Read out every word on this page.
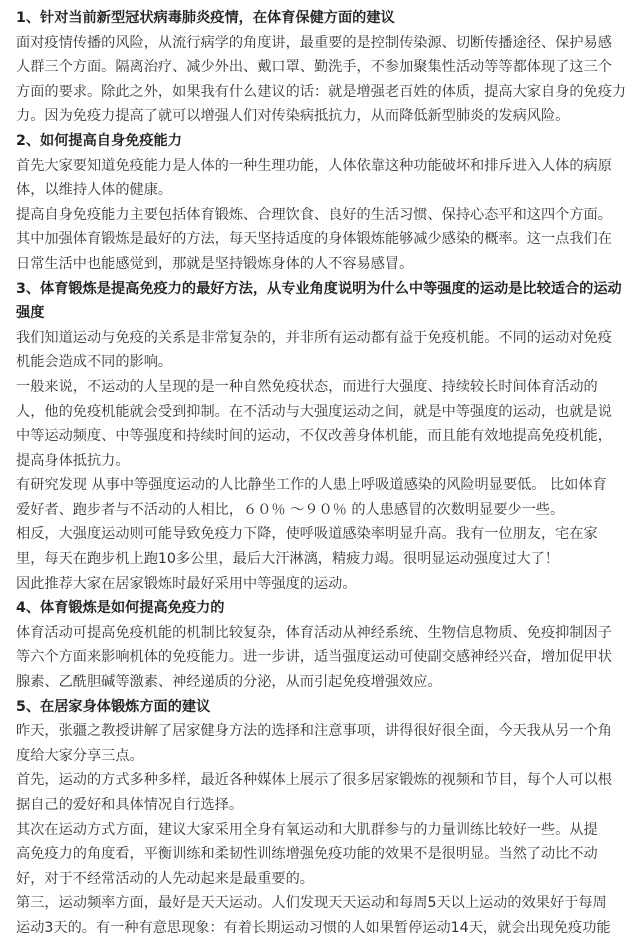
1、针对当前新型冠状病毒肺炎疫情，在体育保健方面的建议
面对疫情传播的风险，从流行病学的角度讲，最重要的是控制传染源、切断传播途径、保护易感
人群三个方面。隔离治疗、减少外出、戴口罩、勤洗手，不参加聚集性活动等等都体现了这三个
方面的要求。除此之外，如果我有什么建议的话：就是增强老百姓的体质，提高大家自身的免疫力
力。因为免疫力提高了就可以增强人们对传染病抵抗力，从而降低新型肺炎的发病风险。
2、如何提高自身免疫能力
首先大家要知道免疫能力是人体的一种生理功能，人体依靠这种功能破坏和排斥进入人体的病原
体，以维持人体的健康。
提高自身免疫能力主要包括体育锻炼、合理饮食、良好的生活习惯、保持心态平和这四个方面。
其中加强体育锻炼是最好的方法，每天坚持适度的身体锻炼能够减少感染的概率。这一点我们在
日常生活中也能感觉到，那就是坚持锻炼身体的人不容易感冒。
3、体育锻炼是提高免疫力的最好方法，从专业角度说明为什么中等强度的运动是比较适合的运动
强度
我们知道运动与免疫的关系是非常复杂的，并非所有运动都有益于免疫机能。不同的运动对免疫
机能会造成不同的影响。
一般来说，不运动的人呈现的是一种自然免疫状态，而进行大强度、持续较长时间体育活动的
人，他的免疫机能就会受到抑制。在不活动与大强度运动之间，就是中等强度的运动，也就是说
中等运动频度、中等强度和持续时间的运动，不仅改善身体机能，而且能有效地提高免疫机能，
提高身体抵抗力。
有研究发现 从事中等强度运动的人比静坐工作的人患上呼吸道感染的风险明显要低。 比如体育
爱好者、跑步者与不活动的人相比，６０％ ～９０％ 的人患感冒的次数明显要少一些。
相反，大强度运动则可能导致免疫力下降，使呼吸道感染率明显升高。我有一位朋友，宅在家
里，每天在跑步机上跑10多公里，最后大汗淋漓，精疲力竭。很明显运动强度过大了！
因此推荐大家在居家锻炼时最好采用中等强度的运动。
4、体育锻炼是如何提高免疫力的
体育活动可提高免疫机能的机制比较复杂，体育活动从神经系统、生物信息物质、免疫抑制因子
等六个方面来影响机体的免疫能力。进一步讲，适当强度运动可使副交感神经兴奋，增加促甲状
腺素、乙酰胆碱等激素、神经递质的分泌，从而引起免疫增强效应。
5、在居家身体锻炼方面的建议
昨天，张疆之教授讲解了居家健身方法的选择和注意事项，讲得很好很全面，今天我从另一个角
度给大家分享三点。
首先，运动的方式多种多样，最近各种媒体上展示了很多居家锻炼的视频和节目，每个人可以根
据自己的爱好和具体情况自行选择。
其次在运动方式方面，建议大家采用全身有氧运动和大肌群参与的力量训练比较好一些。从提
高免疫力的角度看，平衡训练和柔韧性训练增强免疫功能的效果不是很明显。当然了动比不动
好，对于不经常活动的人先动起来是最重要的。
第三，运动频率方面，最好是天天运动。人们发现天天运动和每周5天以上运动的效果好于每周
运动3天的。有一种有意思现象：有着长期运动习惯的人如果暂停运动14天，就会出现免疫功能
